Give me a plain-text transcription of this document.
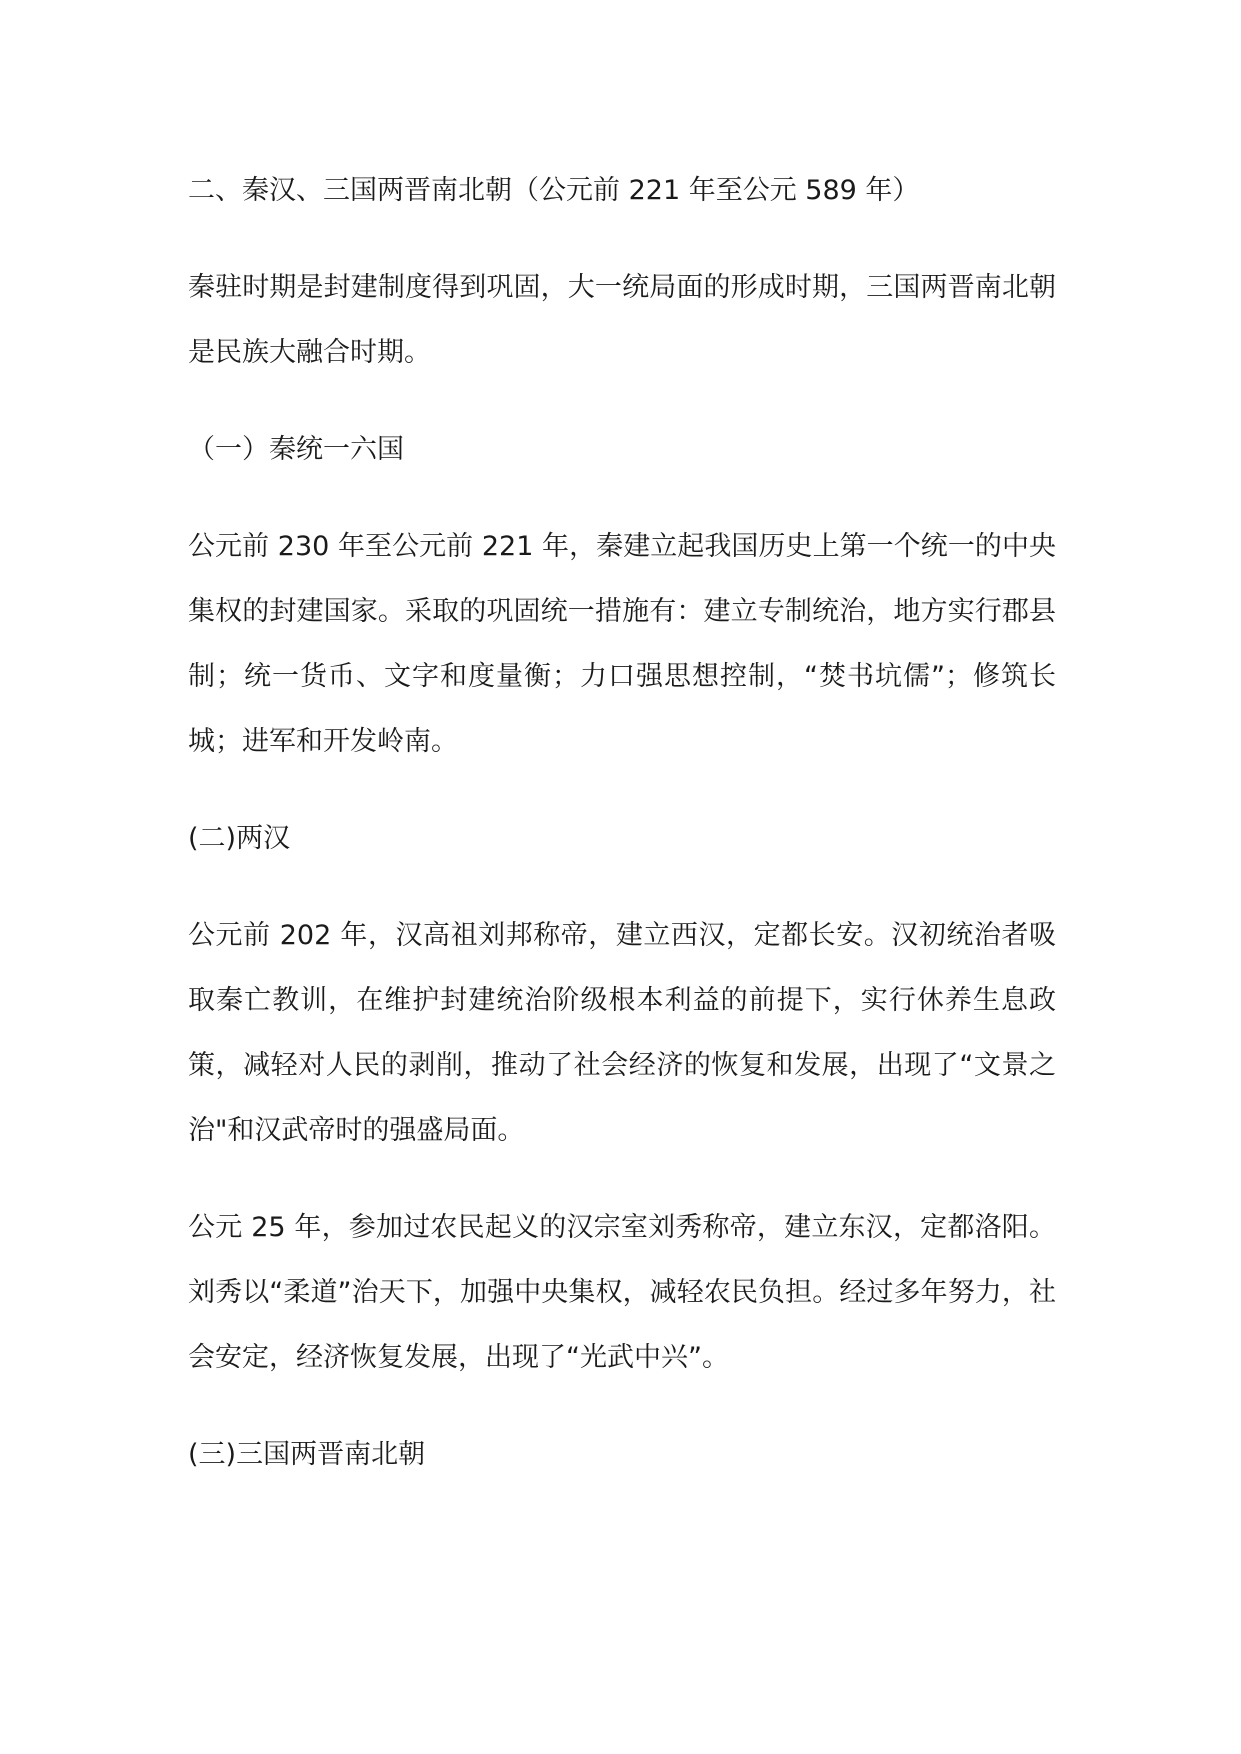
二、秦汉、三国两晋南北朝（公元前 221 年至公元 589 年）

秦驻时期是封建制度得到巩固，大一统局面的形成时期，三国两晋南北朝是民族大融合时期。

（一）秦统一六国

公元前 230 年至公元前 221 年，秦建立起我国历史上第一个统一的中央集权的封建国家。采取的巩固统一措施有：建立专制统治，地方实行郡县制；统一货币、文字和度量衡；力口强思想控制，“焚书坑儒”；修筑长城；进军和开发岭南。

(二)两汉

公元前 202 年，汉高祖刘邦称帝，建立西汉，定都长安。汉初统治者吸取秦亡教训，在维护封建统治阶级根本利益的前提下，实行休养生息政策，减轻对人民的剥削，推动了社会经济的恢复和发展，出现了“文景之治"和汉武帝时的强盛局面。

公元 25 年，参加过农民起义的汉宗室刘秀称帝，建立东汉，定都洛阳。刘秀以“柔道”治天下，加强中央集权，减轻农民负担。经过多年努力，社会安定，经济恢复发展，出现了“光武中兴”。

(三)三国两晋南北朝
